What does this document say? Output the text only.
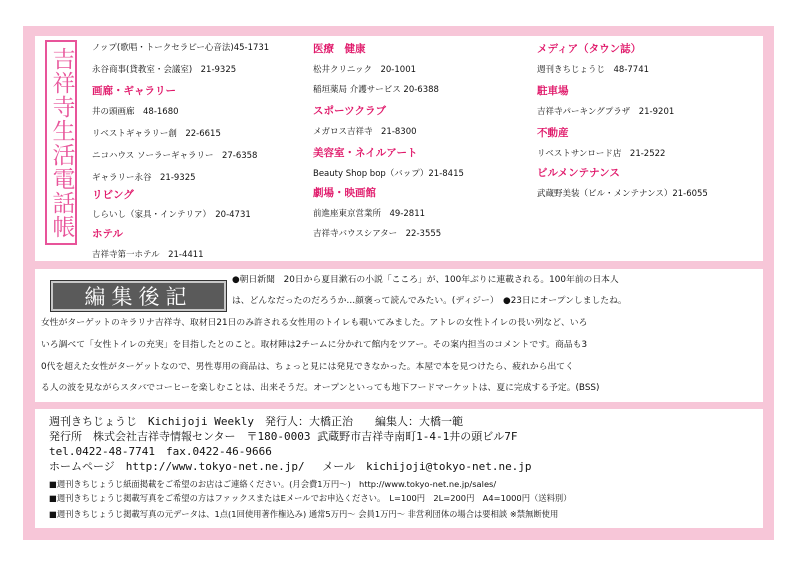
吉祥寺生活電話帳 ノップ(歌唱・トークセラピー心音法)45-1731
永谷商事(貸教室・会議室)　21-9325
画廊・ギャラリー
井の頭画廊　48-1680
リベストギャラリー創　22-6615
ニコハウス ソーラーギャラリー　27-6358
ギャラリー永谷　21-9325
リビング
しらいし（家具・インテリア）　20-4731
ホテル
吉祥寺第一ホテル　21-4411
医療　健康
松井クリニック　20-1001
稲垣薬局 介護サービス 20-6388
スポーツクラブ
メガロス吉祥寺　21-8300
美容室・ネイルアート
Beauty Shop bop（バップ）21-8415
劇場・映画館
前進座東京営業所　49-2811
吉祥寺バウスシアター　22-3555
メディア（タウン誌）
週刊きちじょうじ　48-7741
駐車場
吉祥寺パーキングプラザ　21-9201
不動産
リベストサンロード店　21-2522
ビルメンテナンス
武蔵野美装（ビル・メンテナンス）21-6055
編集後記
●朝日新聞　20日から夏目漱石の小説「こころ」が、100年ぶりに連載される。100年前の日本人
は、どんなだったのだろうか…顔褒って読んでみたい。(ディジー）　●23日にオープンしましたね。
女性がターゲットのキラリナ吉祥寺、取材日21日のみ許される女性用のトイレも覗いてみました。アトレの女性トイレの長い列など、いろ
いろ調べて「女性トイレの充実」を目指したとのこと。取材陣は2チームに分かれて館内をツアー。その案内担当のコメントです。商品も3
0代を超えた女性がターゲットなので、男性専用の商品は、ちょっと見には発見できなかった。本屋で本を見つけたら、疲れから出てく
る人の波を見ながらスタバでコーヒーを楽しむことは、出来そうだ。オープンといっても地下フードマーケットは、夏に完成する予定。(BSS)
週刊きちじょうじ　Kichijoji Weekly　発行人：大橋正治　　編集人：大橋一範
発行所　株式会社吉祥寺情報センター　〒180-0003 武蔵野市吉祥寺南町1-4-1井の頭ビル7F
tel.0422-48-7741　fax.0422-46-9666
ホームページ　http://www.tokyo-net.ne.jp/　 メール　kichijoji@tokyo-net.ne.jp
■週刊きちじょうじ紙面掲載をご希望のお店はご連絡ください。(月会費1万円～)　http://www.tokyo-net.ne.jp/sales/
■週刊きちじょうじ掲載写真をご希望の方はファックスまたはEメールでお申込ください。　L=100円　2L=200円　A4=1000円（送料別）
■週刊きちじょうじ掲載写真の元データは、1点(1回使用著作権込み) 通常5万円～ 会員1万円～ 非営利団体の場合は要相談 ※禁無断使用
